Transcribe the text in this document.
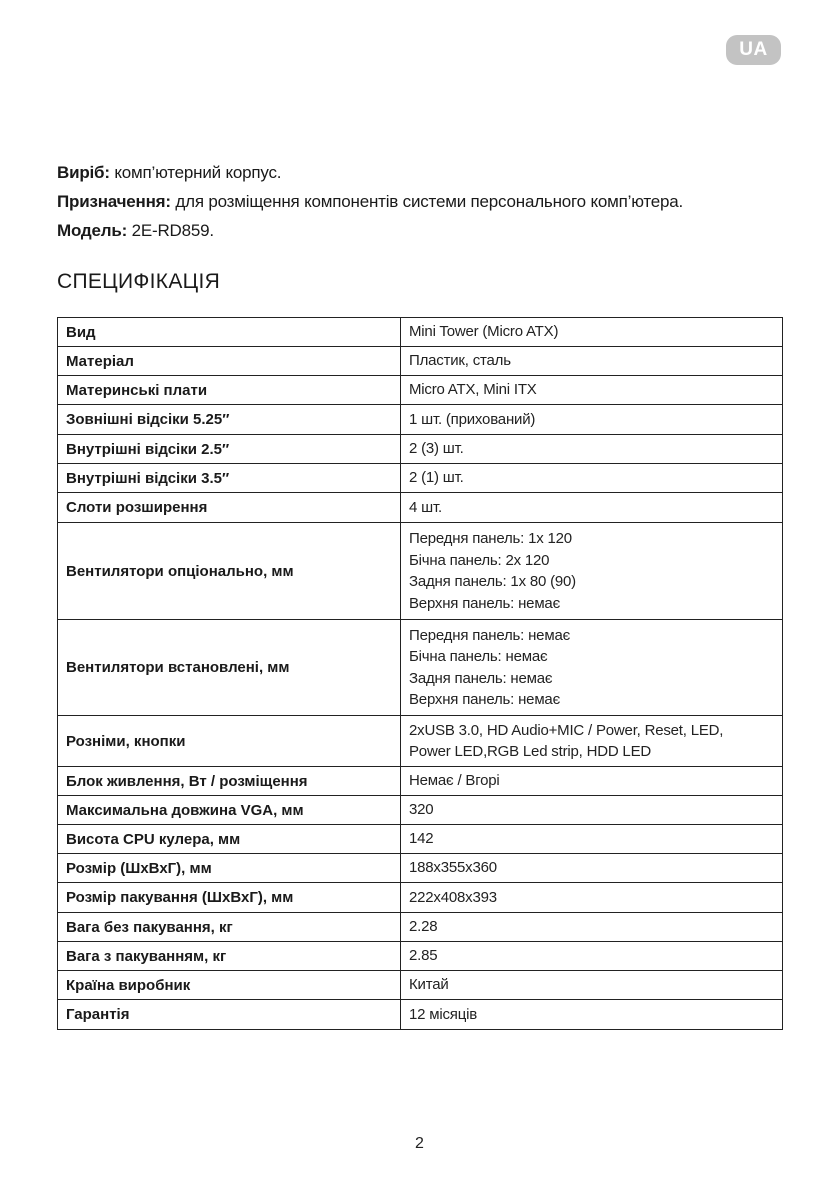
UA
Виріб: комп’ютерний корпус.
Призначення: для розміщення компонентів системи персонального комп’ютера.
Модель: 2E-RD859.
СПЕЦИФІКАЦІЯ
Вид	Mini Tower (Micro ATX)

Матеріал	Пластик, сталь

Материнські плати	Micro ATX, Mini ITX

Зовнішні відсіки 5.25″	1 шт. (прихований)

Внутрішні відсіки 2.5″	2 (3) шт.

Внутрішні відсіки 3.5″	2 (1) шт.

Слоти розширення	4 шт.

Вентилятори опціонально, мм	Передня панель: 1x 120
Бічна панель: 2x 120
Задня панель: 1x 80 (90)
Верхня панель: немає

Вентилятори встановлені, мм	Передня панель: немає
Бічна панель: немає
Задня панель: немає
Верхня панель: немає

Розніми, кнопки	2xUSB 3.0, HD Audio+MIC / Power, Reset, LED,
Power LED,RGB Led strip, HDD LED

Блок живлення, Вт / розміщення	Немає / Вгорі

Максимальна довжина VGA, мм	320

Висота CPU кулера, мм	142

Розмір (ШхВхГ), мм	188x355x360

Розмір пакування (ШхВхГ), мм	222x408x393

Вага без пакування, кг	2.28

Вага з пакуванням, кг	2.85

Країна виробник	Китай

Гарантія	12 місяців
2
